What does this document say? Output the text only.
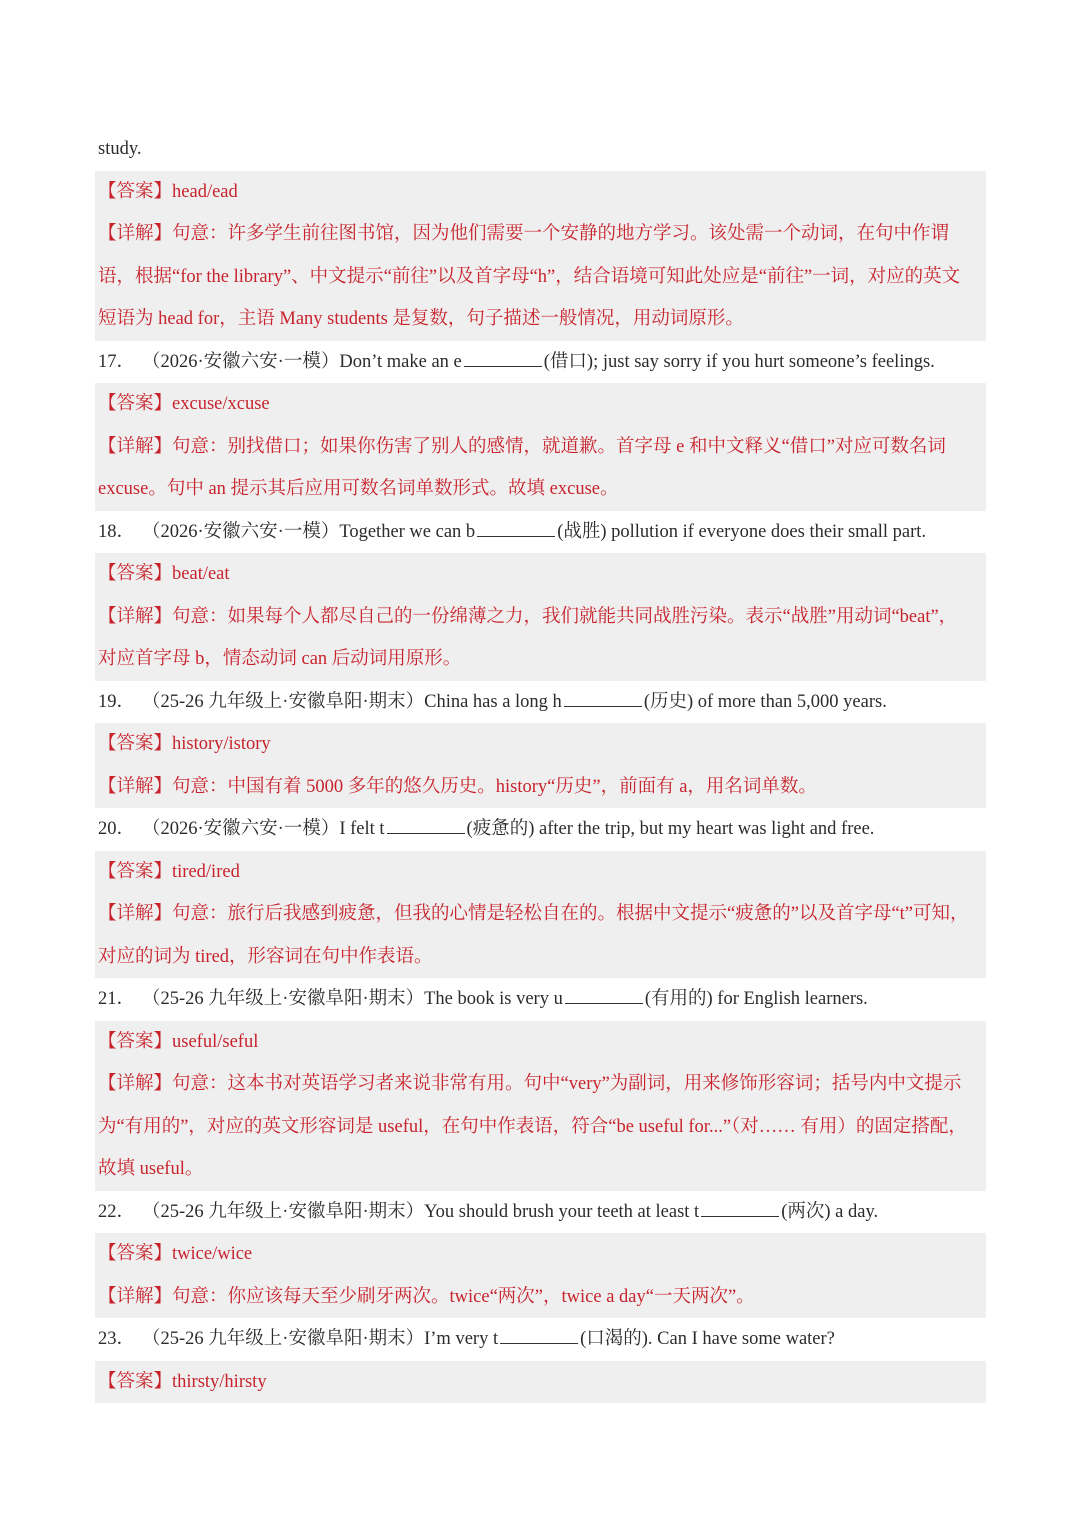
study.
【答案】head/ead
【详解】句意：许多学生前往图书馆，因为他们需要一个安静的地方学习。该处需一个动词，在句中作谓
语，根据“for the library”、中文提示“前往”以及首字母“h”，结合语境可知此处应是“前往”一词，对应的英文
短语为 head for，主语 Many students 是复数，句子描述一般情况，用动词原形。
17． （2026·安徽六安·一模）Don’t make an e	(借口); just say sorry if you hurt someone’s feelings.
【答案】excuse/xcuse
【详解】句意：别找借口；如果你伤害了别人的感情，就道歉。首字母 e 和中文释义“借口”对应可数名词
excuse。句中 an 提示其后应用可数名词单数形式。故填 excuse。
18． （2026·安徽六安·一模）Together we can b	(战胜) pollution if everyone does their small part.
【答案】beat/eat
【详解】句意：如果每个人都尽自己的一份绵薄之力，我们就能共同战胜污染。表示“战胜”用动词“beat”，
对应首字母 b，情态动词 can 后动词用原形。
19． （25-26 九年级上·安徽阜阳·期末）China has a long h	(历史) of more than 5,000 years.
【答案】history/istory
【详解】句意：中国有着 5000 多年的悠久历史。history“历史”，前面有 a，用名词单数。
20． （2026·安徽六安·一模）I felt t	(疲惫的) after the trip, but my heart was light and free.
【答案】tired/ired
【详解】句意：旅行后我感到疲惫，但我的心情是轻松自在的。根据中文提示“疲惫的”以及首字母“t”可知，
对应的词为 tired，形容词在句中作表语。
21． （25-26 九年级上·安徽阜阳·期末）The book is very u	(有用的) for English learners.
【答案】useful/seful
【详解】句意：这本书对英语学习者来说非常有用。句中“very”为副词，用来修饰形容词；括号内中文提示
为“有用的”，对应的英文形容词是 useful，在句中作表语，符合“be useful for...”（对…… 有用）的固定搭配，
故填 useful。
22． （25-26 九年级上·安徽阜阳·期末）You should brush your teeth at least t	(两次) a day.
【答案】twice/wice
【详解】句意：你应该每天至少刷牙两次。twice“两次”，twice a day“一天两次”。
23． （25-26 九年级上·安徽阜阳·期末）I’m very t	(口渴的). Can I have some water?
【答案】thirsty/hirsty
